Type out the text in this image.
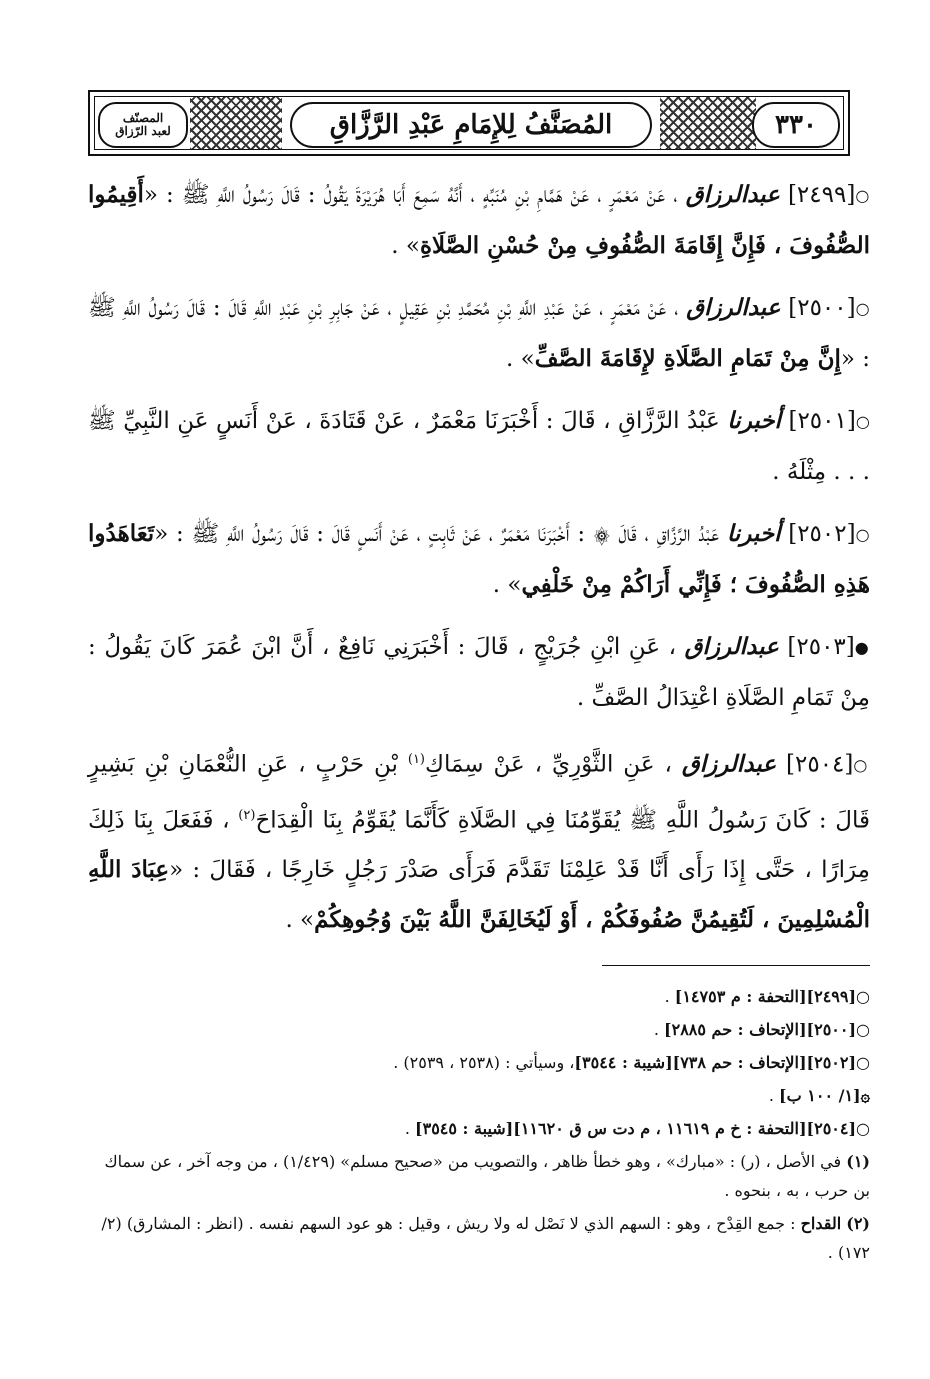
٣٣٠
المُصَنَّفُ لِلإِمَامِ عَبْدِ الرَّزَّاقِ
المصنّف
لعبد الرّزاق

○[٢٤٩٩] عبدالرزاق ، عَنْ مَعْمَرٍ ، عَنْ هَمَّامِ بْنِ مُنَبِّهٍ ، أَنَّهُ سَمِعَ أَبَا هُرَيْرَةَ يَقُولُ : قَالَ رَسُولُ اللَّهِ ﷺ : «أَقِيمُوا الصُّفُوفَ ، فَإِنَّ إِقَامَةَ الصُّفُوفِ مِنْ حُسْنِ الصَّلَاةِ» .

○[٢٥٠٠] عبدالرزاق ، عَنْ مَعْمَرٍ ، عَنْ عَبْدِ اللَّهِ بْنِ مُحَمَّدِ بْنِ عَقِيلٍ ، عَنْ جَابِرِ بْنِ عَبْدِ اللَّهِ قَالَ : قَالَ رَسُولُ اللَّهِ ﷺ : «إِنَّ مِنْ تَمَامِ الصَّلَاةِ لإِقَامَةَ الصَّفِّ» .

○[٢٥٠١] أخبرنا عَبْدُ الرَّزَّاقِ ، قَالَ : أَخْبَرَنَا مَعْمَرٌ ، عَنْ قَتَادَةَ ، عَنْ أَنَسٍ عَنِ النَّبِيِّ ﷺ . . . مِثْلَهُ .

○[٢٥٠٢] أخبرنا عَبْدُ الرَّزَّاقِ ، قَالَ ۞ : أَخْبَرَنَا مَعْمَرٌ ، عَنْ ثَابِتٍ ، عَنْ أَنَسٍ قَالَ : قَالَ رَسُولُ اللَّهِ ﷺ : «تَعَاهَدُوا هَذِهِ الصُّفُوفَ ؛ فَإِنِّي أَرَاكُمْ مِنْ خَلْفِي» .

●[٢٥٠٣] عبدالرزاق ، عَنِ ابْنِ جُرَيْجٍ ، قَالَ : أَخْبَرَنِي نَافِعٌ ، أَنَّ ابْنَ عُمَرَ كَانَ يَقُولُ : مِنْ تَمَامِ الصَّلَاةِ اعْتِدَالُ الصَّفِّ .

○[٢٥٠٤] عبدالرزاق ، عَنِ الثَّوْرِيِّ ، عَنْ سِمَاكِ$^{(١)}$ بْنِ حَرْبٍ ، عَنِ النُّعْمَانِ بْنِ بَشِيرٍ قَالَ : كَانَ رَسُولُ اللَّهِ ﷺ يُقَوِّمُنَا فِي الصَّلَاةِ كَأَنَّمَا يُقَوِّمُ بِنَا الْقِدَاحَ$^{(٢)}$ ، فَفَعَلَ بِنَا ذَلِكَ مِرَارًا ، حَتَّى إِذَا رَأَى أَنَّا قَدْ عَلِمْنَا تَقَدَّمَ فَرَأَى صَدْرَ رَجُلٍ خَارِجًا ، فَقَالَ : «عِبَادَ اللَّهِ الْمُسْلِمِينَ ، لَتُقِيمُنَّ صُفُوفَكُمْ ، أَوْ لَيُخَالِفَنَّ اللَّهُ بَيْنَ وُجُوهِكُمْ» .

○[٢٤٩٩][التحفة : م ١٤٧٥٣] .
○[٢٥٠٠][الإتحاف : حم ٢٨٨٥] .
○[٢٥٠٢][الإتحاف : حم ٧٣٨][شيبة : ٣٥٤٤]، وسيأتي : (٢٥٣٨ ، ٢٥٣٩) .
۞[١/ ١٠٠ ب] .
○[٢٥٠٤][التحفة : خ م ١١٦١٩ ، م دت س ق ١١٦٢٠][شيبة : ٣٥٤٥] .
(١) في الأصل ، (ر) : «مبارك» ، وهو خطأ ظاهر ، والتصويب من «صحيح مسلم» (١/٤٢٩) ، من وجه آخر ، عن سماك بن حرب ، به ، بنحوه .
(٢) القداح : جمع القِدْح ، وهو : السهم الذي لا نَصْل له ولا ريش ، وقيل : هو عود السهم نفسه . (انظر : المشارق) (٢/ ١٧٢) .
